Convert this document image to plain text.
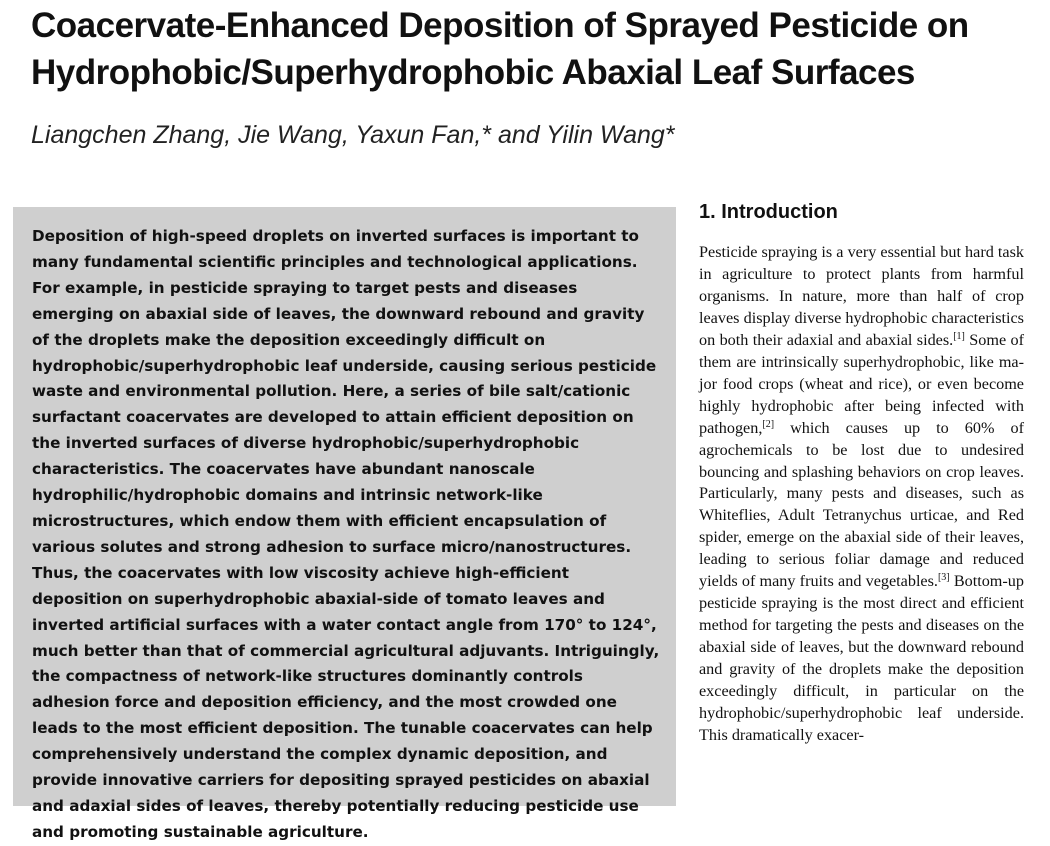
Coacervate-Enhanced Deposition of Sprayed Pesticide on
Hydrophobic/Superhydrophobic Abaxial Leaf Surfaces

Liangchen Zhang, Jie Wang, Yaxun Fan,* and Yilin Wang*

Deposition of high-speed droplets on inverted surfaces is important to many fundamental scientific principles and technological applications. For example, in pesticide spraying to target pests and diseases emerging on abaxial side of leaves, the downward rebound and gravity of the droplets make the deposition exceedingly difficult on hydrophobic/superhydrophobic leaf underside, causing serious pesticide waste and environmental pollution. Here, a series of bile salt/cationic surfactant coacervates are developed to attain efficient deposition on the inverted surfaces of diverse hydrophobic/superhydrophobic characteristics. The coacervates have abundant nanoscale hydrophilic/hydrophobic domains and intrinsic network-like microstructures, which endow them with efficient encapsulation of various solutes and strong adhesion to surface micro/nanostructures. Thus, the coacervates with low viscosity achieve high-efficient deposition on superhydrophobic abaxial-side of tomato leaves and inverted artificial surfaces with a water contact angle from 170° to 124°, much better than that of commercial agricultural adjuvants. Intriguingly, the compactness of network-like structures dominantly controls adhesion force and deposition efficiency, and the most crowded one leads to the most efficient deposition. The tunable coacervates can help comprehensively understand the complex dynamic deposition, and provide innovative carriers for depositing sprayed pesticides on abaxial and adaxial sides of leaves, thereby potentially reducing pesticide use and promoting sustainable agriculture.

1. Introduction

Pesticide spraying is a very essential but hard task in agriculture to protect plants from harmful organisms. In nature, more than half of crop leaves display diverse hydrophobic characteristics on both their adaxial and abaxial sides.[1] Some of them are intrinsically superhydrophobic, like major food crops (wheat and rice), or even become highly hydrophobic after being infected with pathogen,[2] which causes up to 60% of agrochemicals to be lost due to undesired bouncing and splashing behaviors on crop leaves. Particularly, many pests and diseases, such as Whiteflies, Adult Tetranychus urticae, and Red spider, emerge on the abaxial side of their leaves, leading to serious foliar damage and reduced yields of many fruits and vegetables.[3] Bottom-up pesticide spraying is the most direct and efficient method for targeting the pests and diseases on the abaxial side of leaves, but the downward rebound and gravity of the droplets make the deposition exceedingly difficult, in particular on the hydrophobic/superhydrophobic leaf underside. This dramatically exacer-
